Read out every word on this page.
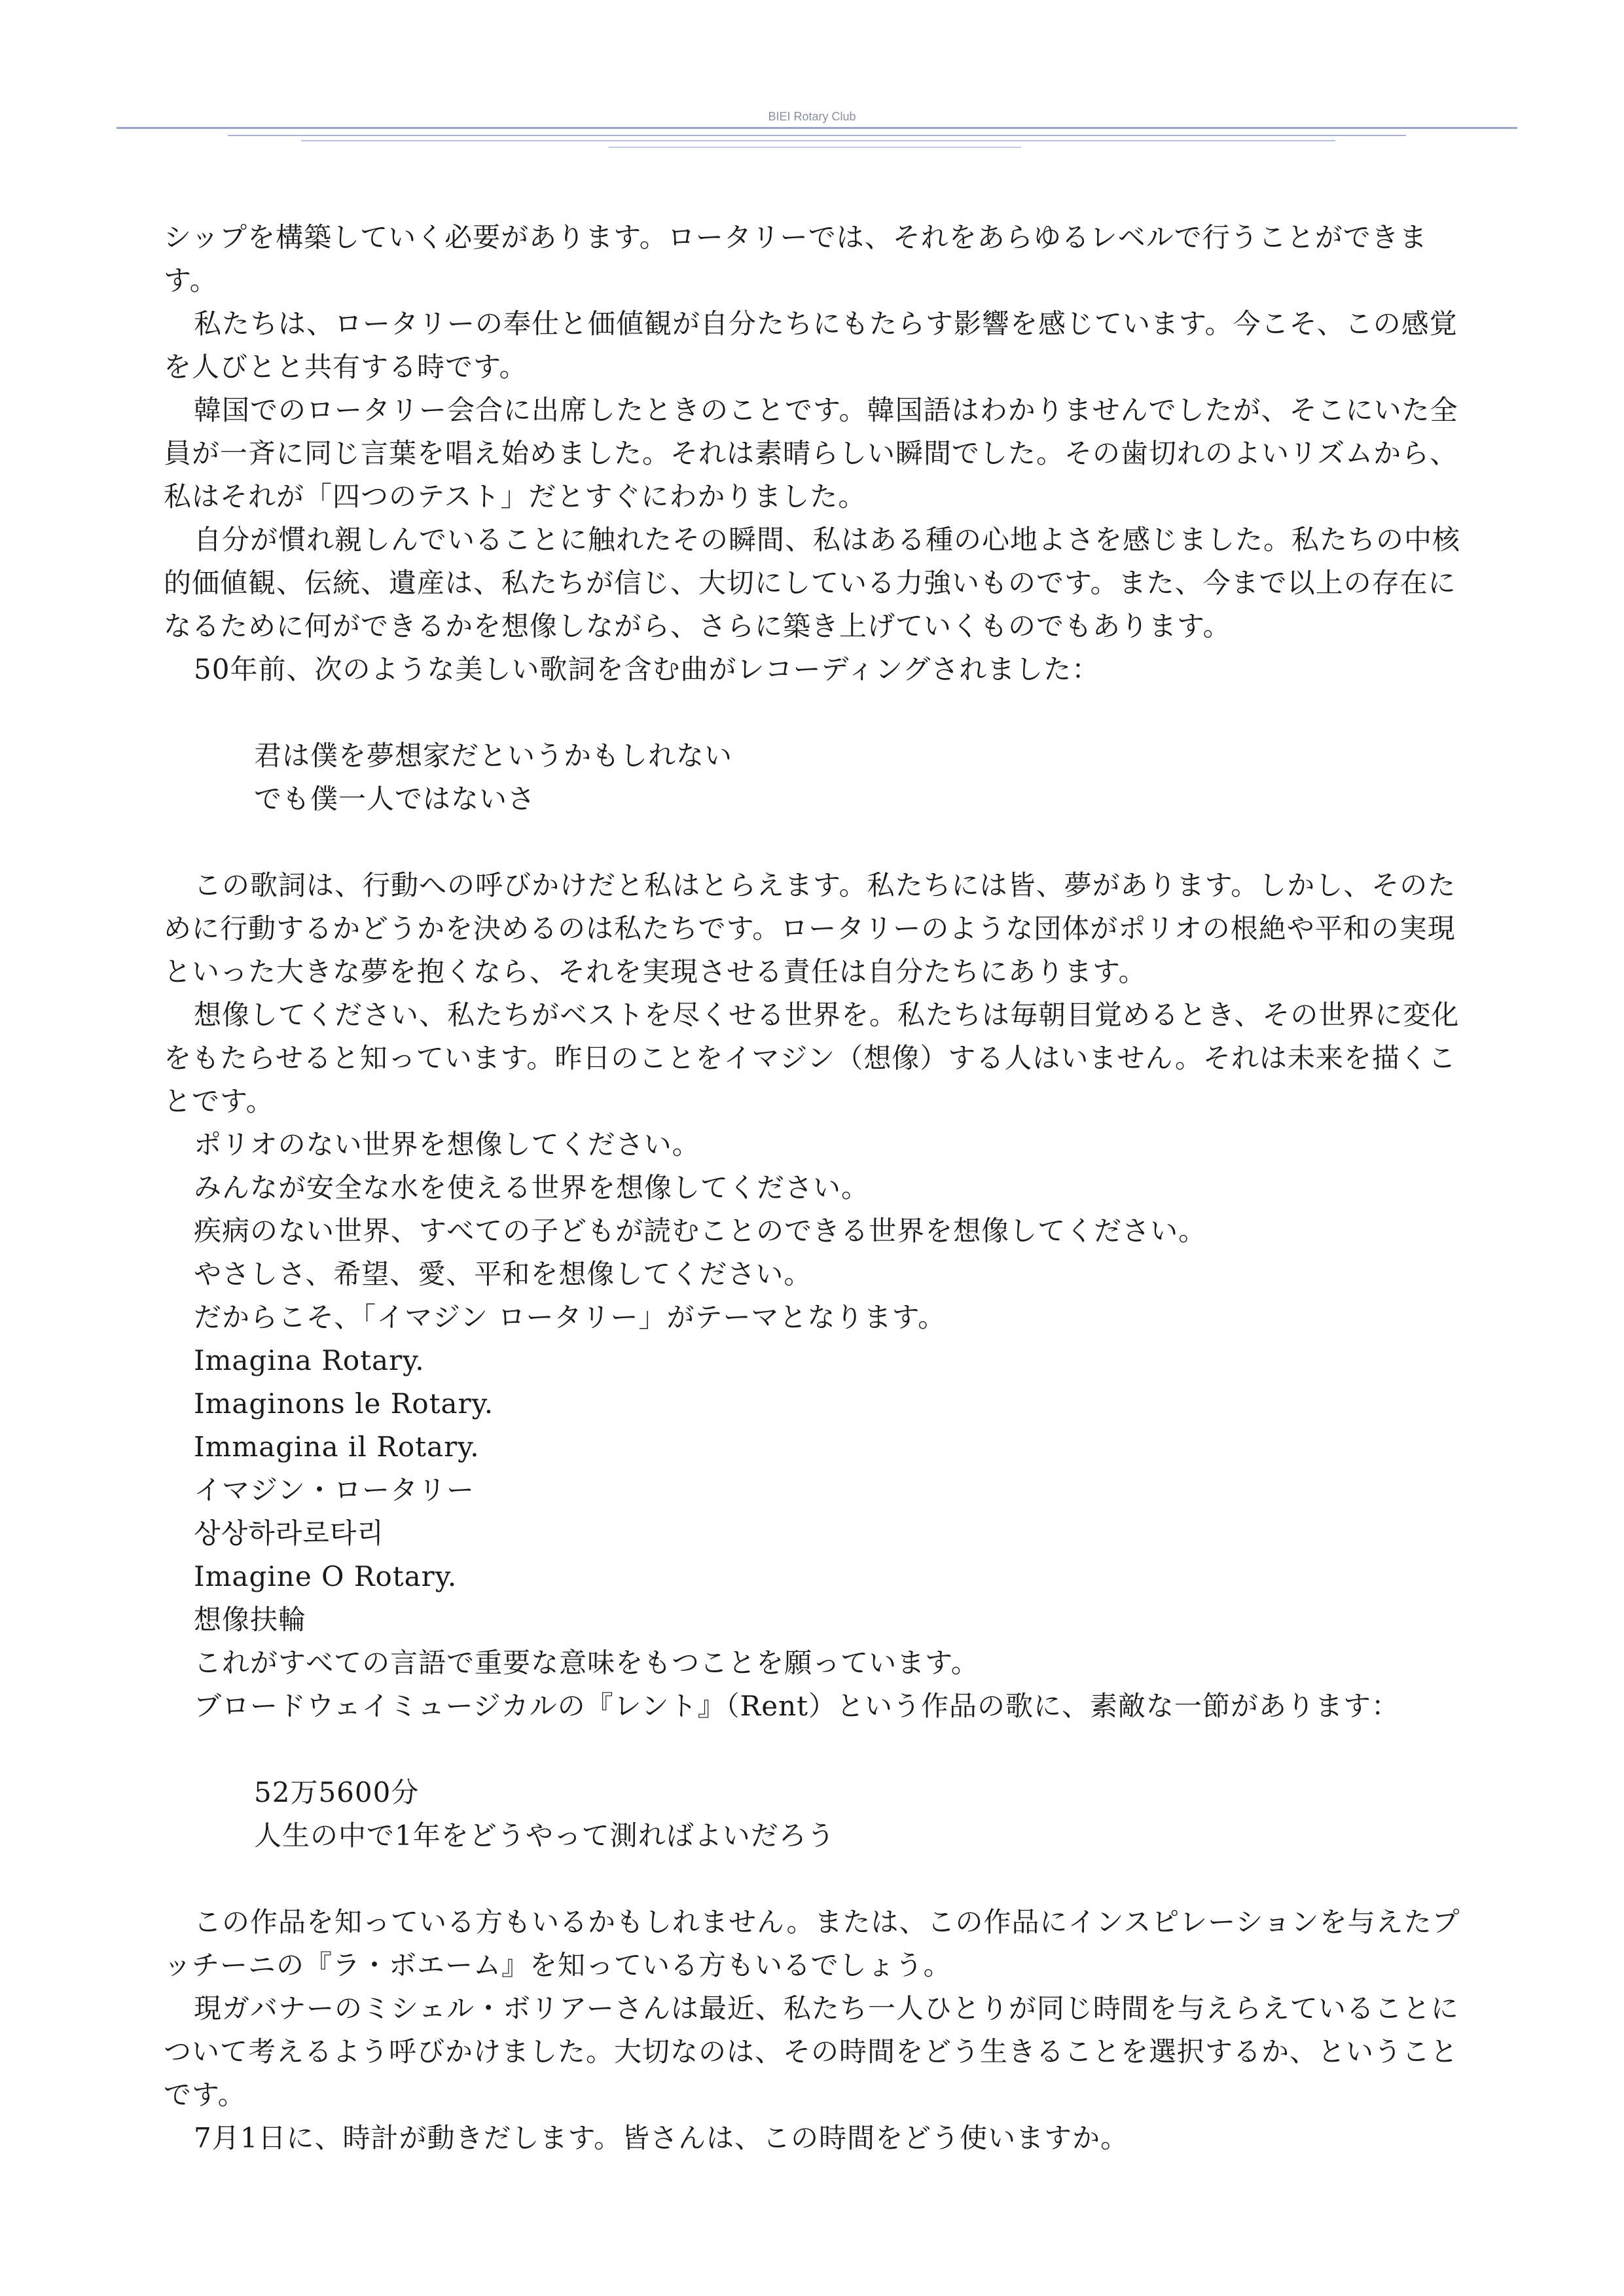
BIEI Rotary Club

シップを構築していく必要があります。ロータリーでは、それをあらゆるレベルで行うことができます。

私たちは、ロータリーの奉仕と価値観が自分たちにもたらす影響を感じています。今こそ、この感覚を人びとと共有する時です。

韓国でのロータリー会合に出席したときのことです。韓国語はわかりませんでしたが、そこにいた全員が一斉に同じ言葉を唱え始めました。それは素晴らしい瞬間でした。その歯切れのよいリズムから、私はそれが「四つのテスト」だとすぐにわかりました。

自分が慣れ親しんでいることに触れたその瞬間、私はある種の心地よさを感じました。私たちの中核的価値観、伝統、遺産は、私たちが信じ、大切にしている力強いものです。また、今まで以上の存在になるために何ができるかを想像しながら、さらに築き上げていくものでもあります。

50年前、次のような美しい歌詞を含む曲がレコーディングされました：

君は僕を夢想家だというかもしれない
でも僕一人ではないさ

この歌詞は、行動への呼びかけだと私はとらえます。私たちには皆、夢があります。しかし、そのために行動するかどうかを決めるのは私たちです。ロータリーのような団体がポリオの根絶や平和の実現といった大きな夢を抱くなら、それを実現させる責任は自分たちにあります。

想像してください、私たちがベストを尽くせる世界を。私たちは毎朝目覚めるとき、その世界に変化をもたらせると知っています。昨日のことをイマジン（想像）する人はいません。それは未来を描くことです。

ポリオのない世界を想像してください。
みんなが安全な水を使える世界を想像してください。
疾病のない世界、すべての子どもが読むことのできる世界を想像してください。
やさしさ、希望、愛、平和を想像してください。
だからこそ、「イマジン ロータリー」がテーマとなります。
Imagina Rotary.
Imaginons le Rotary.
Immagina il Rotary.
イマジン・ロータリー
상상하라로타리
Imagine O Rotary.
想像扶輪
これがすべての言語で重要な意味をもつことを願っています。
ブロードウェイミュージカルの『レント』（Rent）という作品の歌に、素敵な一節があります：
52万5600分
人生の中で1年をどうやって測ればよいだろう

この作品を知っている方もいるかもしれません。または、この作品にインスピレーションを与えたプッチーニの『ラ・ボエーム』を知っている方もいるでしょう。

現ガバナーのミシェル・ボリアーさんは最近、私たち一人ひとりが同じ時間を与えらえていることについて考えるよう呼びかけました。大切なのは、その時間をどう生きることを選択するか、ということです。

7月1日に、時計が動きだします。皆さんは、この時間をどう使いますか。
